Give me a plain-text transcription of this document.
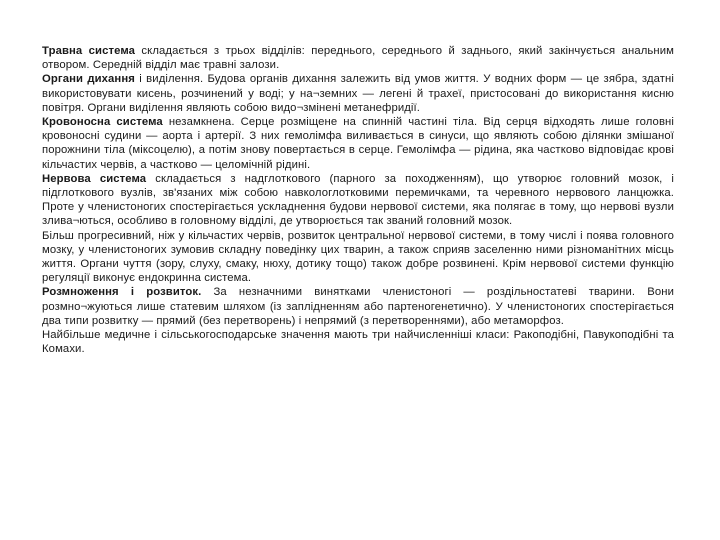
Травна система складається з трьох відділів: переднього, середнього й заднього, який закінчується анальним отвором. Середній відділ має травні залози.

Органи дихання і виділення. Будова органів дихання залежить від умов життя. У водних форм — це зябра, здатні використовувати кисень, розчинений у воді; у на¬земних — легені й трахеї, пристосовані до використання кисню повітря. Органи виділення являють собою видо¬змінені метанефридії.

Кровоносна система незамкнена. Серце розміщене на спинній частині тіла. Від серця відходять лише головні кровоносні судини — аорта і артерії. З них гемолімфа виливається в синуси, що являють собою ділянки змішаної порожнини тіла (міксоцелю), а потім знову повертається в серце. Гемолімфа — рідина, яка частково відповідає крові кільчастих червів, а частково — целомічній рідині.

Нервова система складається з надглоткового (парного за походженням), що утворює головний мозок, і підглоткового вузлів, зв'язаних між собою навкологлотковими перемичками, та черевного нервового ланцюжка. Проте у членистоногих спостерігається ускладнення будови нервової системи, яка полягає в тому, що нервові вузли злива¬ються, особливо в головному відділі, де утворюється так званий головний мозок.

Більш прогресивний, ніж у кільчастих червів, розвиток центральної нервової системи, в тому числі і поява головного мозку, у членистоногих зумовив складну поведінку цих тварин, а також сприяв заселенню ними різноманітних місць життя. Органи чуття (зору, слуху, смаку, нюху, дотику тощо) також добре розвинені. Крім нервової системи функцію регуляції виконує ендокринна система.

Розмноження і розвиток. За незначними винятками членистоногі — роздільностатеві тварини. Вони розмно¬жуються лише статевим шляхом (із заплідненням або партеногенетично). У членистоногих спостерігається два типи розвитку — прямий (без перетворень) і непрямий (з перетвореннями), або метаморфоз.

Найбільше медичне і сільськогосподарське значення мають три найчисленніші класи: Ракоподібні, Павукоподібні та Комахи.
